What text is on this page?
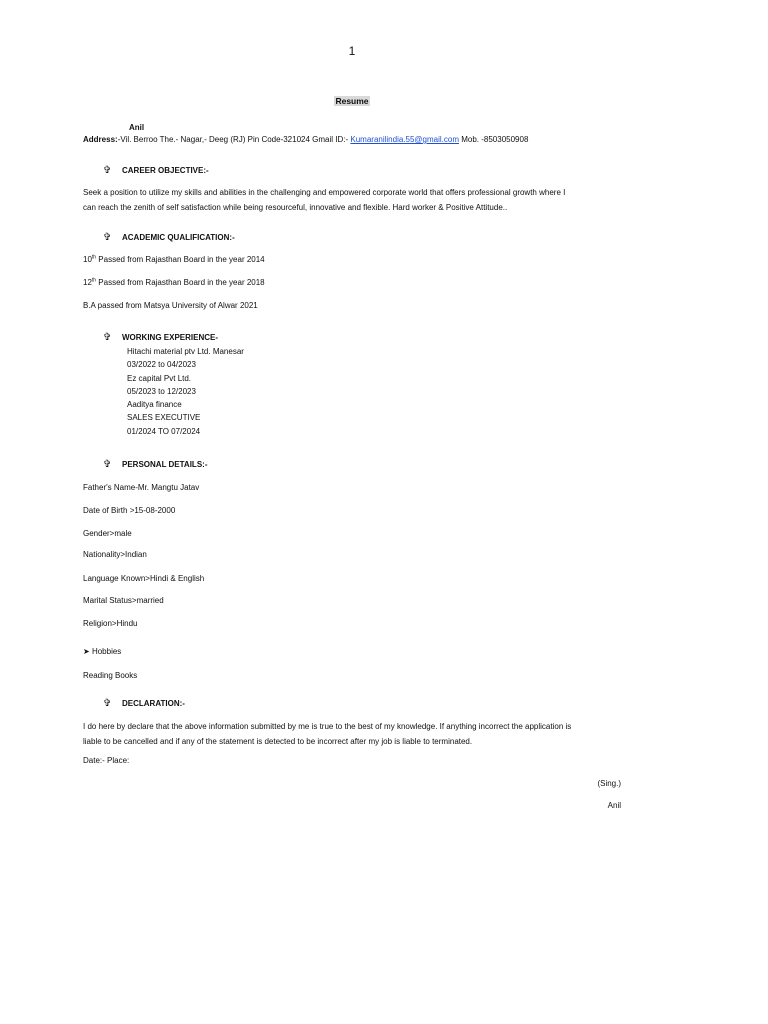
1
Resume
Anil
Address:-Vil. Berroo The.- Nagar,- Deeg (RJ) Pin Code-321024 Gmail ID:- Kumaranilindia.55@gmail.com Mob. -8503050908
✞ CAREER OBJECTIVE:-
Seek a position to utilize my skills and abilities in the challenging and empowered corporate world that offers professional growth where I
can reach the zenith of self satisfaction while being resourceful, innovative and flexible. Hard worker & Positive Attitude..
✞ ACADEMIC QUALIFICATION:-
10th Passed from Rajasthan Board in the year 2014
12th Passed from Rajasthan Board in the year 2018
B.A passed from Matsya University of Alwar 2021
✞ WORKING EXPERIENCE-
Hitachi material ptv Ltd. Manesar
03/2022 to 04/2023
Ez capital Pvt Ltd.
05/2023 to 12/2023
Aaditya finance
SALES EXECUTIVE
01/2024 TO 07/2024
✞ PERSONAL DETAILS:-
Father's Name-Mr. Mangtu Jatav
Date of Birth >15-08-2000
Gender>male
Nationality>Indian
Language Known>Hindi & English
Marital Status>married
Religion>Hindu
➤ Hobbies
Reading Books
✞ DECLARATION:-
I do here by declare that the above information submitted by me is true to the best of my knowledge. If anything incorrect the application is
liable to be cancelled and if any of the statement is detected to be incorrect after my job is liable to terminated.
Date:- Place:
(Sing.)
Anil
